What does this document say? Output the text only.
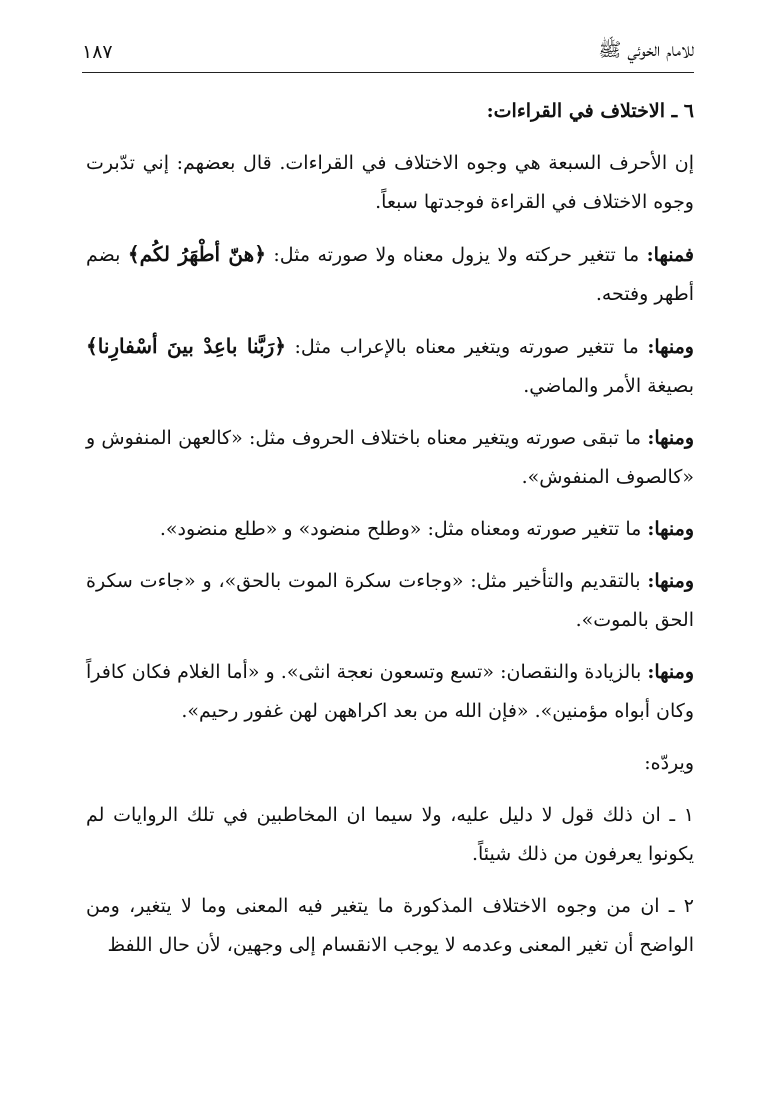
للامام الخوئي ﷺ
١٨٧

٦ ـ الاختلاف في القراءات:

إن الأحرف السبعة هي وجوه الاختلاف في القراءات. قال بعضهم: إني تدّبرت وجوه الاختلاف في القراءة فوجدتها سبعاً.

فمنها: ما تتغير حركته ولا يزول معناه ولا صورته مثل: ﴿هنّ أطْهَرُ لكُم﴾ بضم أطهر وفتحه.

ومنها: ما تتغير صورته ويتغير معناه بالإعراب مثل: ﴿رَبَّنا باعِدْ بينَ أسْفارِنا﴾ بصيغة الأمر والماضي.

ومنها: ما تبقى صورته ويتغير معناه باختلاف الحروف مثل: «كالعهن المنفوش و «كالصوف المنفوش».

ومنها: ما تتغير صورته ومعناه مثل: «وطلح منضود» و «طلع منضود».

ومنها: بالتقديم والتأخير مثل: «وجاءت سكرة الموت بالحق»، و «جاءت سكرة الحق بالموت».

ومنها: بالزيادة والنقصان: «تسع وتسعون نعجة انثى». و «أما الغلام فكان كافراً وكان أبواه مؤمنين». «فإن الله من بعد اكراههن لهن غفور رحيم».

ويردّه:

١ ـ ان ذلك قول لا دليل عليه، ولا سيما ان المخاطبين في تلك الروايات لم يكونوا يعرفون من ذلك شيئاً.

٢ ـ ان من وجوه الاختلاف المذكورة ما يتغير فيه المعنى وما لا يتغير، ومن الواضح أن تغير المعنى وعدمه لا يوجب الانقسام إلى وجهين، لأن حال اللفظ
